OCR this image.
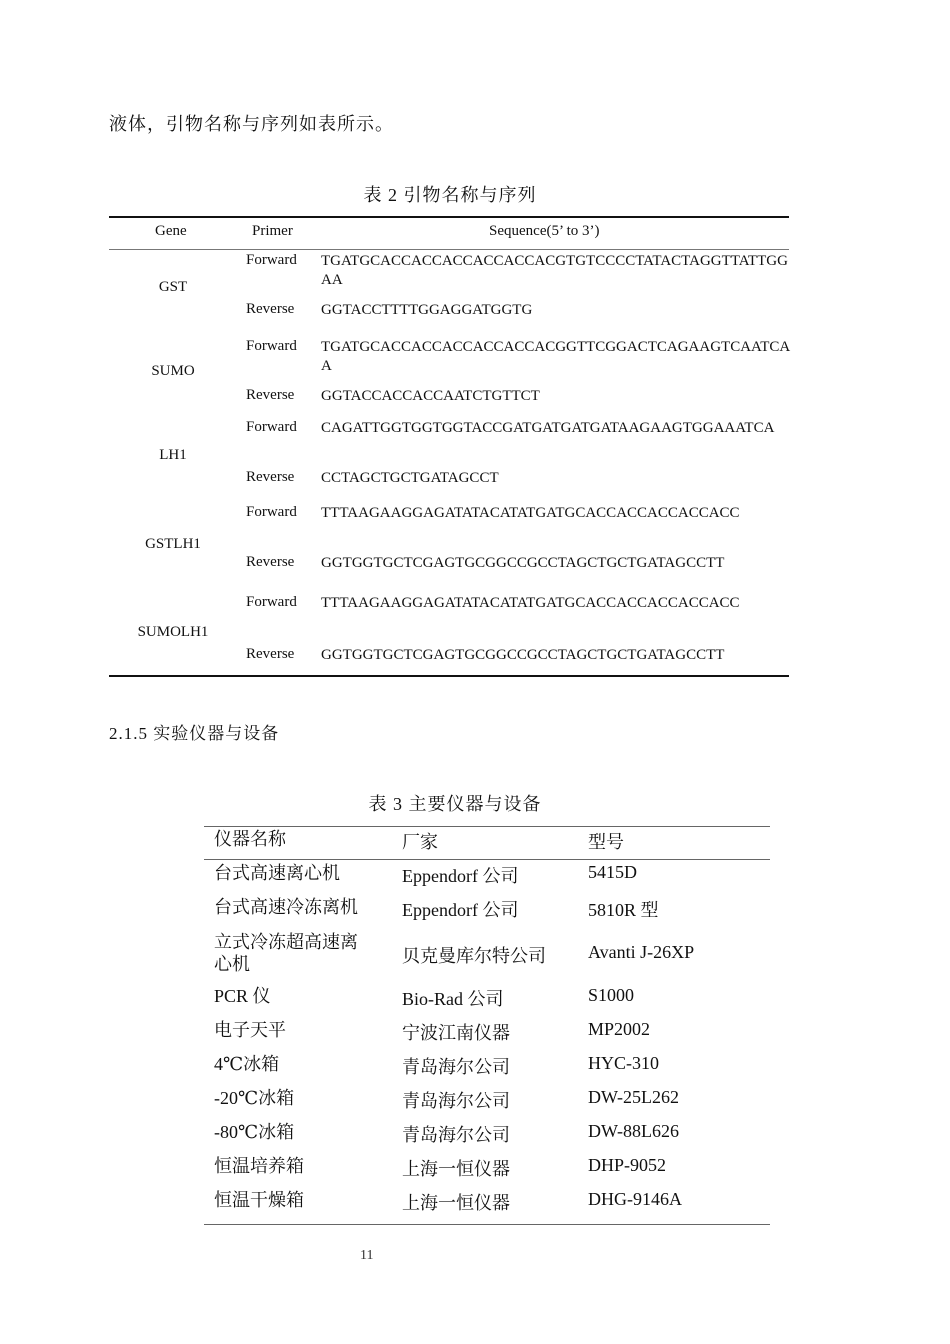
液体，引物名称与序列如表所示。
表 2 引物名称与序列
Gene	Primer	Sequence(5’ to 3’)
GST
Forward TGATGCACCACCACCACCACCACGTGTCCCCTATACTAGGTTATTGGAA
Reverse GGTACCTTTTGGAGGATGGTG
SUMO
Forward TGATGCACCACCACCACCACCACGGTTCGGACTCAGAAGTCAATCAA
Reverse GGTACCACCACCAATCTGTTCT
LH1
Forward CAGATTGGTGGTGGTACCGATGATGATGATAAGAAGTGGAAATCA
Reverse CCTAGCTGCTGATAGCCT
GSTLH1
Forward TTTAAGAAGGAGATATACATATGATGCACCACCACCACCACC
Reverse GGTGGTGCTCGAGTGCGGCCGCCTAGCTGCTGATAGCCTT
SUMOLH1
Forward TTTAAGAAGGAGATATACATATGATGCACCACCACCACCACC
Reverse GGTGGTGCTCGAGTGCGGCCGCCTAGCTGCTGATAGCCTT
2.1.5 实验仪器与设备
表 3 主要仪器与设备
仪器名称	厂家	型号
台式高速离心机	Eppendorf 公司	5415D
台式高速冷冻离机	Eppendorf 公司	5810R 型
立式冷冻超高速离心机	贝克曼库尔特公司 Avanti J-26XP
PCR 仪	Bio-Rad 公司	S1000
电子天平	宁波江南仪器	MP2002
4℃冰箱	青岛海尔公司	HYC-310
-20℃冰箱	青岛海尔公司	DW-25L262
-80℃冰箱	青岛海尔公司	DW-88L626
恒温培养箱	上海一恒仪器	DHP-9052
恒温干燥箱	上海一恒仪器	DHG-9146A
11
